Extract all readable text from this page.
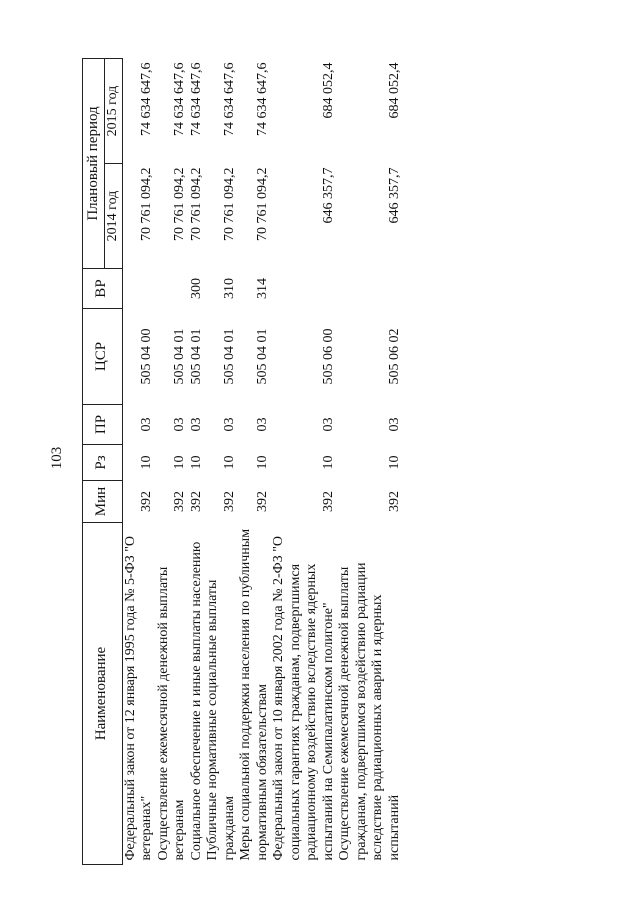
103
Наименование	Мин	Рз	ПР	ЦСР	ВР	Плановый период	
						2014 год	2015 год
Федеральный закон от 12 января 1995 года № 5-ФЗ "О ветеранах"	392	10	03	505 04 00		70 761 094,2	74 634 647,6
Осуществление ежемесячной денежной выплаты ветеранам	392	10	03	505 04 01		70 761 094,2	74 634 647,6
Социальное обеспечение и иные выплаты населению	392	10	03	505 04 01	300	70 761 094,2	74 634 647,6
Публичные нормативные социальные выплаты гражданам	392	10	03	505 04 01	310	70 761 094,2	74 634 647,6
Меры социальной поддержки населения по публичным нормативным обязательствам	392	10	03	505 04 01	314	70 761 094,2	74 634 647,6
Федеральный закон от 10 января 2002 года № 2-ФЗ "О социальных гарантиях гражданам, подвергшимся радиационному воздействию вследствие ядерных испытаний на Семипалатинском полигоне"	392	10	03	505 06 00		646 357,7	684 052,4
Осуществление ежемесячной денежной выплаты гражданам, подвергшимся воздействию радиации вследствие радиационных аварий и ядерных испытаний	392	10	03	505 06 02		646 357,7	684 052,4
